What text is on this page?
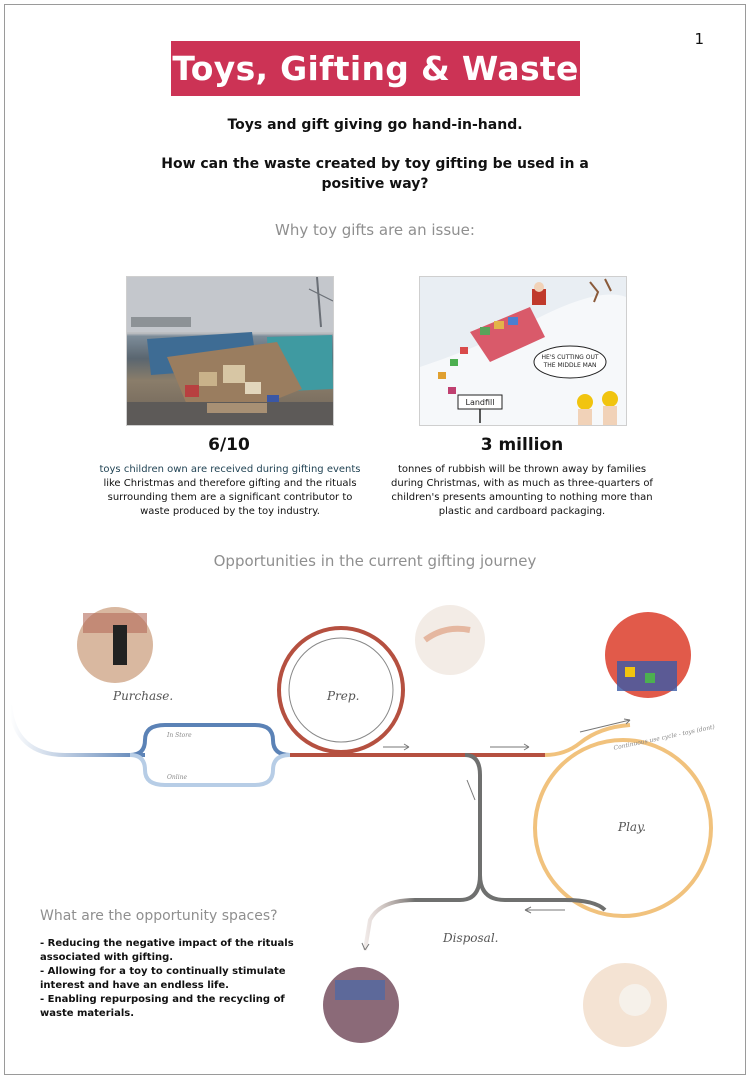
1
Toys, Gifting & Waste
Toys and gift giving go hand-in-hand.
How can the waste created by toy gifting be used in a
positive way?
Why toy gifts are an issue:
HE'S CUTTING OUT
THE MIDDLE MAN
Landfill
6/10	3 million
toys children own are received during gifting events like Christmas and therefore gifting and the rituals surrounding them are a significant contributor to waste produced by the toy industry.
tonnes of rubbish will be thrown away by families during Christmas, with as much as three-quarters of children's presents amounting to nothing more than plastic and cardboard packaging.
Opportunities in the current gifting journey
Purchase.	Prep.
Play.
Disposal.
In Store
Online
Continuous use cycle - toys (dont)
What are the opportunity spaces?
- Reducing the negative impact of the rituals associated with gifting.
- Allowing for a toy to continually stimulate interest and have an endless life.
- Enabling repurposing and the recycling of waste materials.
